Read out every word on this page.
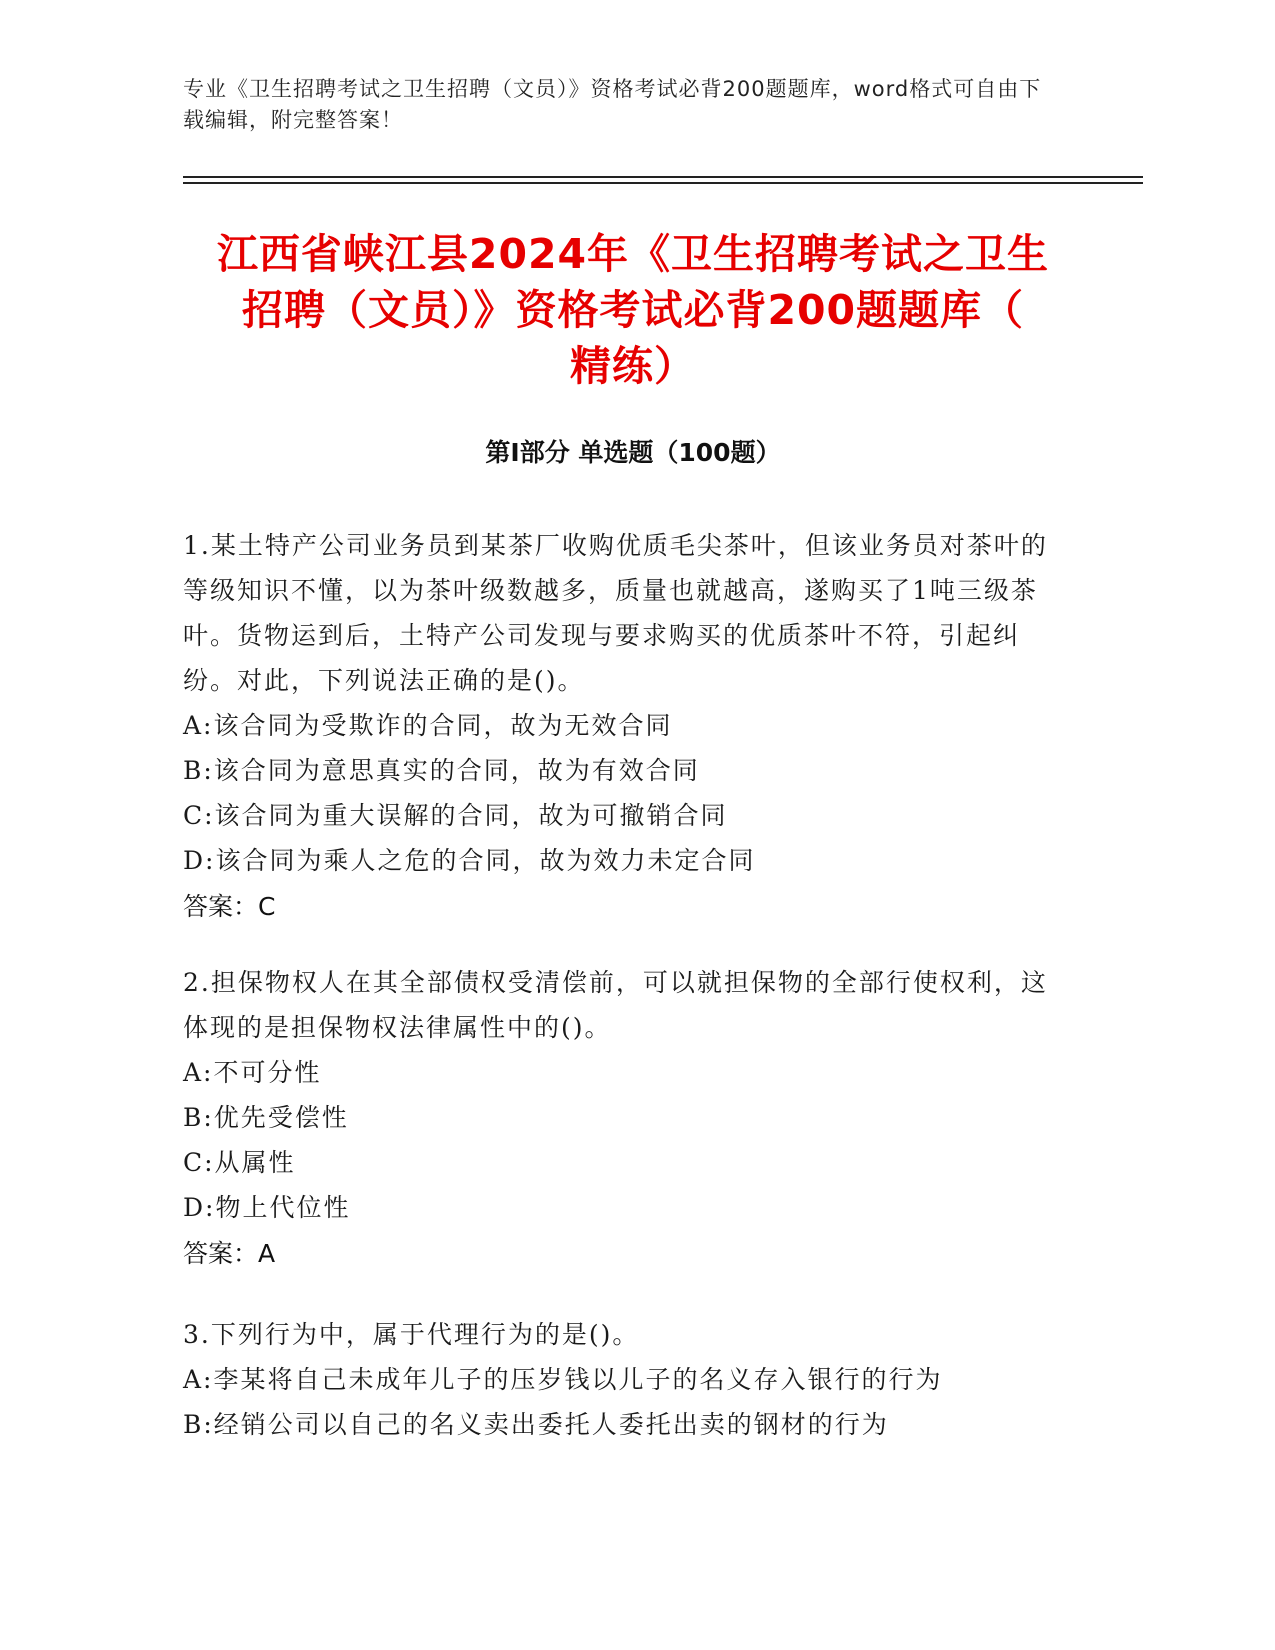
专业《卫生招聘考试之卫生招聘（文员）》资格考试必背200题题库，word格式可自由下载编辑，附完整答案！
江西省峡江县2024年《卫生招聘考试之卫生
招聘（文员）》资格考试必背200题题库（
精练）
第Ⅰ部分 单选题（100题）
1.某土特产公司业务员到某茶厂收购优质毛尖茶叶，但该业务员对茶叶的等级知识不懂，以为茶叶级数越多，质量也就越高，遂购买了1吨三级茶叶。货物运到后，土特产公司发现与要求购买的优质茶叶不符，引起纠纷。对此，下列说法正确的是()。
A:该合同为受欺诈的合同，故为无效合同
B:该合同为意思真实的合同，故为有效合同
C:该合同为重大误解的合同，故为可撤销合同
D:该合同为乘人之危的合同，故为效力未定合同
答案：C
2.担保物权人在其全部债权受清偿前，可以就担保物的全部行使权利，这体现的是担保物权法律属性中的()。
A:不可分性
B:优先受偿性
C:从属性
D:物上代位性
答案：A
3.下列行为中，属于代理行为的是()。
A:李某将自己未成年儿子的压岁钱以儿子的名义存入银行的行为
B:经销公司以自己的名义卖出委托人委托出卖的钢材的行为
